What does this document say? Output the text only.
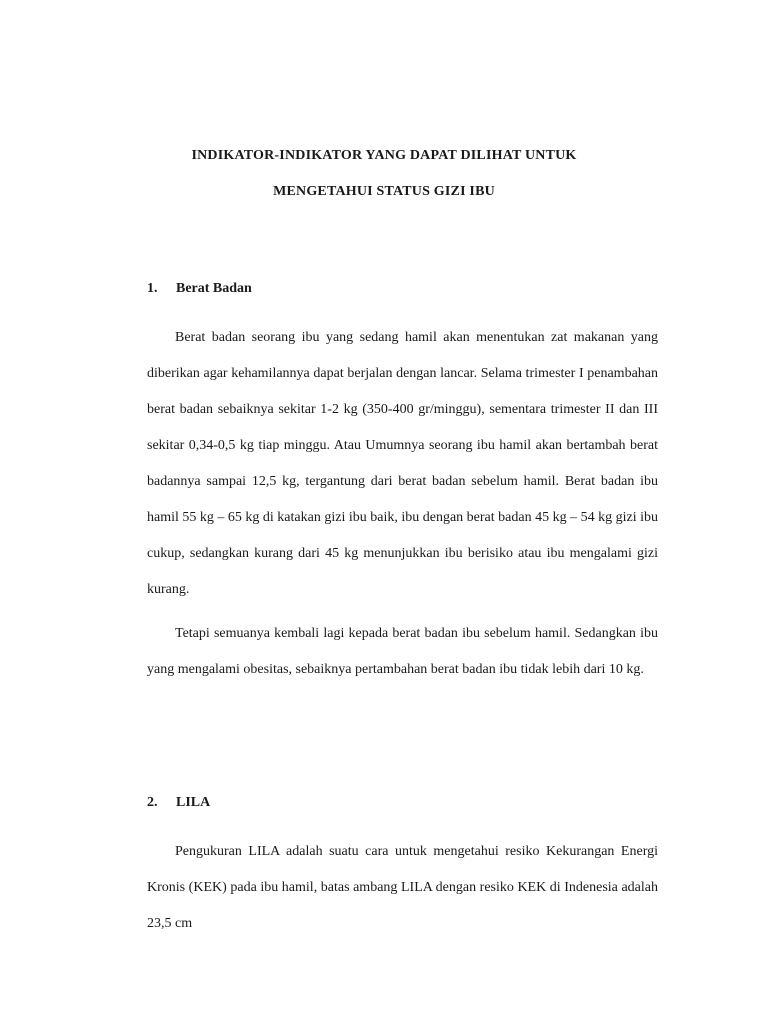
INDIKATOR-INDIKATOR YANG DAPAT DILIHAT UNTUK
MENGETAHUI STATUS GIZI IBU
1. Berat Badan

Berat badan seorang ibu yang sedang hamil akan menentukan zat makanan yang diberikan agar kehamilannya dapat berjalan dengan lancar. Selama trimester I penambahan berat badan sebaiknya sekitar 1-2 kg (350-400 gr/minggu), sementara trimester II dan III sekitar 0,34-0,5 kg tiap minggu. Atau Umumnya seorang ibu hamil akan bertambah berat badannya sampai 12,5 kg, tergantung dari berat badan sebelum hamil. Berat badan ibu hamil 55 kg – 65 kg di katakan gizi ibu baik, ibu dengan berat badan 45 kg – 54 kg gizi ibu cukup, sedangkan kurang dari 45 kg menunjukkan ibu berisiko atau ibu mengalami gizi kurang.

Tetapi semuanya kembali lagi kepada berat badan ibu sebelum hamil. Sedangkan ibu yang mengalami obesitas, sebaiknya pertambahan berat badan ibu tidak lebih dari 10 kg.

2. LILA

Pengukuran LILA adalah suatu cara untuk mengetahui resiko Kekurangan Energi Kronis (KEK) pada ibu hamil, batas ambang LILA dengan resiko KEK di Indenesia adalah 23,5 cm
